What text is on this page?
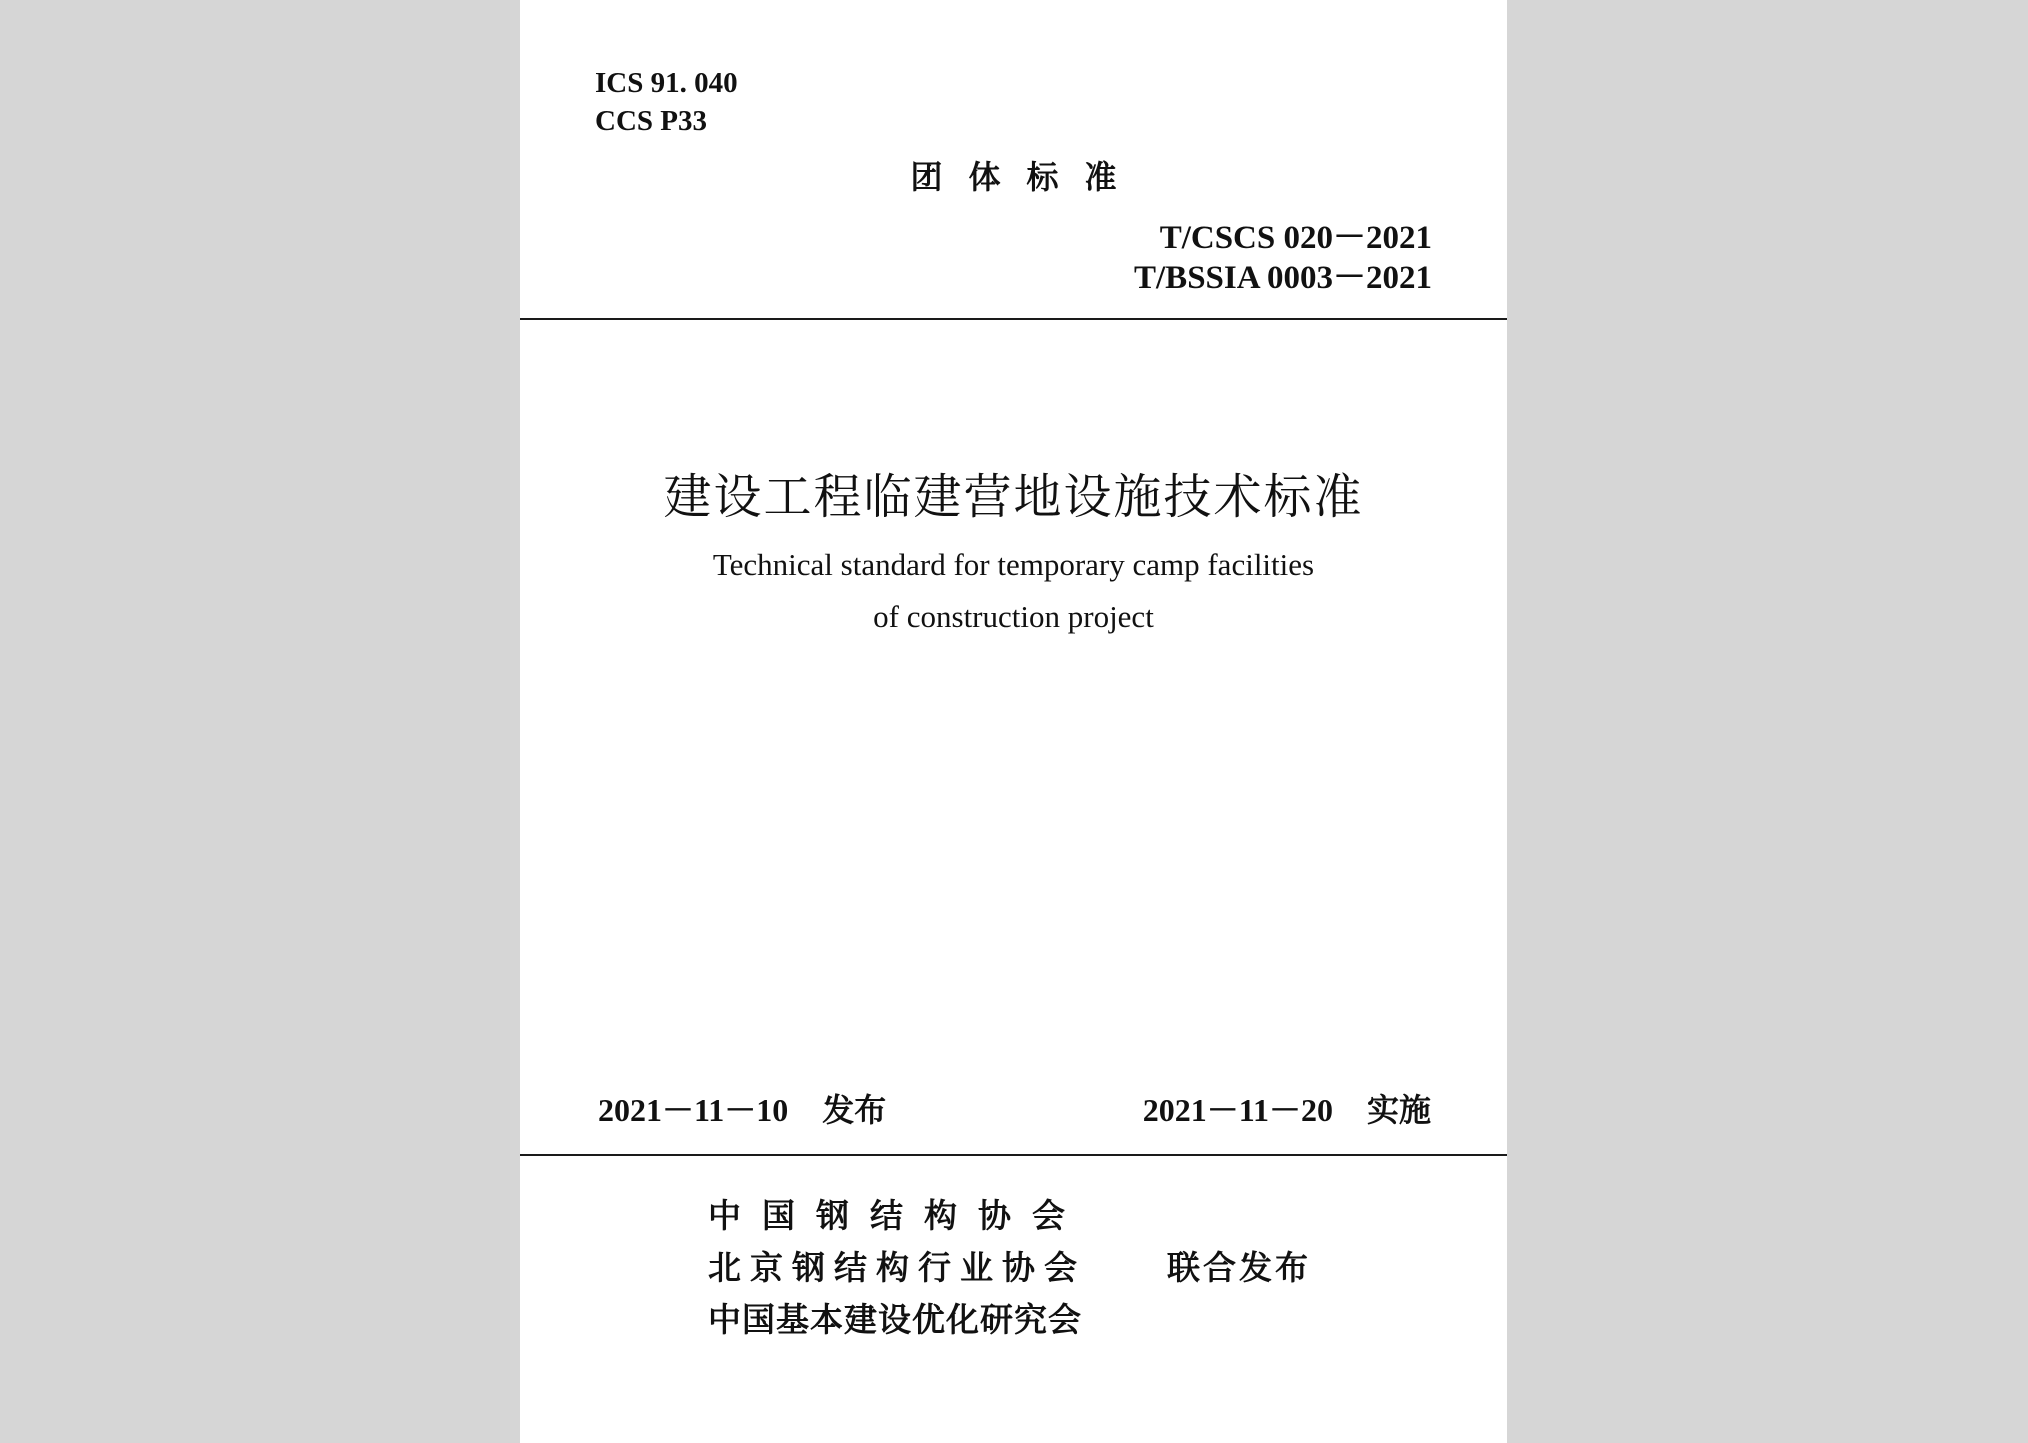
ICS 91. 040
CCS P33
团体标准
T/CSCS 020－2021
T/BSSIA 0003－2021
建设工程临建营地设施技术标准
Technical standard for temporary camp facilities
of construction project
2021－11－10 发布	2021－11－20 实施
中国钢结构协会
北京钢结构行业协会
中国基本建设优化研究会
联合发布
